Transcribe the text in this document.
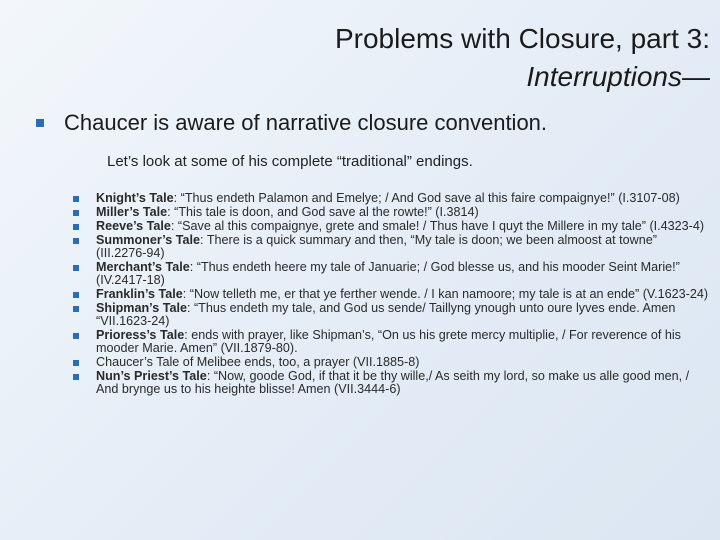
Problems with Closure, part 3:
Interruptions—
Chaucer is aware of narrative closure convention.
Let’s look at some of his complete “traditional” endings.
Knight’s Tale: “Thus endeth Palamon and Emelye; / And God save al this faire compaignye!” (I.3107-08)
Miller’s Tale: “This tale is doon, and God save al the rowte!” (I.3814)
Reeve’s Tale: “Save al this compaignye, grete and smale! / Thus have I quyt the Millere in my tale” (I.4323-4)
Summoner’s Tale: There is a quick summary and then, “My tale is doon; we been almoost at towne” (III.2276-94)
Merchant’s Tale: “Thus endeth heere my tale of Januarie; / God blesse us, and his mooder Seint Marie!” (IV.2417-18)
Franklin’s Tale: “Now telleth me, er that ye ferther wende. / I kan namoore; my tale is at an ende” (V.1623-24)
Shipman’s Tale: “Thus endeth my tale, and God us sende/ Taillyng ynough unto oure lyves ende. Amen “VII.1623-24)
Prioress’s Tale: ends with prayer, like Shipman’s, “On us his grete mercy multiplie, / For reverence of his mooder Marie. Amen” (VII.1879-80).
Chaucer’s Tale of Melibee ends, too, a prayer (VII.1885-8)
Nun’s Priest’s Tale: “Now, goode God, if that it be thy wille,/ As seith my lord, so make us alle good men, / And brynge us to his heighte blisse! Amen (VII.3444-6)
